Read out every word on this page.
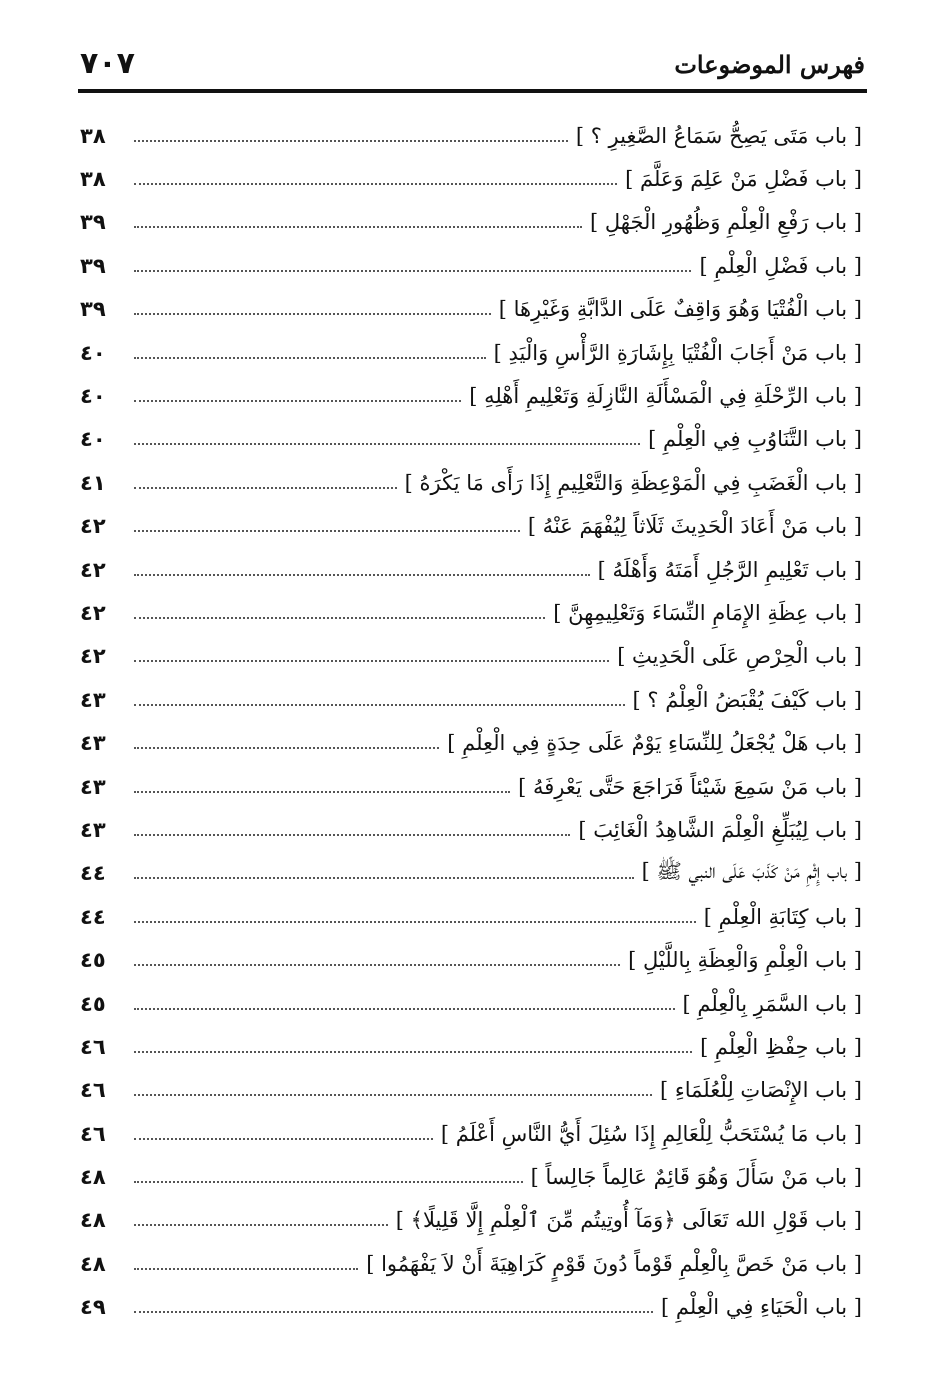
فهرس الموضوعات
٧٠٧
[ باب مَتَى يَصِحُّ سَمَاعُ الصَّغِيرِ ؟ ]
٣٨
[ باب فَضْلِ مَنْ عَلِمَ وَعَلَّمَ ]
٣٨
[ باب رَفْعِ الْعِلْمِ وَظُهُورِ الْجَهْلِ ]
٣٩
[ باب فَضْلِ الْعِلْمِ ]
٣٩
[ باب الْفُتْيَا وَهُوَ وَاقِفٌ عَلَى الدَّابَّةِ وَغَيْرِهَا ]
٣٩
[ باب مَنْ أَجَابَ الْفُتْيَا بِإِشَارَةِ الرَّأْسِ وَالْيَدِ ]
٤٠
[ باب الرِّحْلَةِ فِي الْمَسْأَلَةِ النَّازِلَةِ وَتَعْلِيمِ أَهْلِهِ ]
٤٠
[ باب التَّنَاوُبِ فِي الْعِلْمِ ]
٤٠
[ باب الْغَضَبِ فِي الْمَوْعِظَةِ وَالتَّعْلِيمِ إِذَا رَأَى مَا يَكْرَهُ ]
٤١
[ باب مَنْ أَعَادَ الْحَدِيثَ ثَلَاثاً لِيُفْهَمَ عَنْهُ ]
٤٢
[ باب تَعْلِيمِ الرَّجُلِ أَمَتَهُ وَأَهْلَهُ ]
٤٢
[ باب عِظَةِ الإِمَامِ النِّسَاءَ وَتَعْلِيمِهِنَّ ]
٤٢
[ باب الْحِرْصِ عَلَى الْحَدِيثِ ]
٤٢
[ باب كَيْفَ يُقْبَضُ الْعِلْمُ ؟ ]
٤٣
[ باب هَلْ يُجْعَلُ لِلنِّسَاءِ يَوْمٌ عَلَى حِدَةٍ فِي الْعِلْمِ ]
٤٣
[ باب مَنْ سَمِعَ شَيْئاً فَرَاجَعَ حَتَّى يَعْرِفَهُ ]
٤٣
[ باب لِيُبَلِّغِ الْعِلْمَ الشَّاهِدُ الْغَائِبَ ]
٤٣
[ باب إِثْمِ مَنْ كَذَبَ عَلَى النبي ﷺ ]
٤٤
[ باب كِتَابَةِ الْعِلْمِ ]
٤٤
[ باب الْعِلْمِ وَالْعِظَةِ بِاللَّيْلِ ]
٤٥
[ باب السَّمَرِ بِالْعِلْمِ ]
٤٥
[ باب حِفْظِ الْعِلْمِ ]
٤٦
[ باب الإِنْصَاتِ لِلْعُلَمَاءِ ]
٤٦
[ باب مَا يُسْتَحَبُّ لِلْعَالِمِ إِذَا سُئِلَ أَيُّ النَّاسِ أَعْلَمُ ]
٤٦
[ باب مَنْ سَأَلَ وَهُوَ قَائِمٌ عَالِماً جَالِساً ]
٤٨
[ باب قَوْلِ الله تَعَالَى ﴿وَمَآ أُوتِيتُم مِّنَ ٱلْعِلْمِ إِلَّا قَلِيلًا﴾ ]
٤٨
[ باب مَنْ خَصَّ بِالْعِلْمِ قَوْماً دُونَ قَوْمٍ كَرَاهِيَةَ أَنْ لاَ يَفْهَمُوا ]
٤٨
[ باب الْحَيَاءِ فِي الْعِلْمِ ]
٤٩
